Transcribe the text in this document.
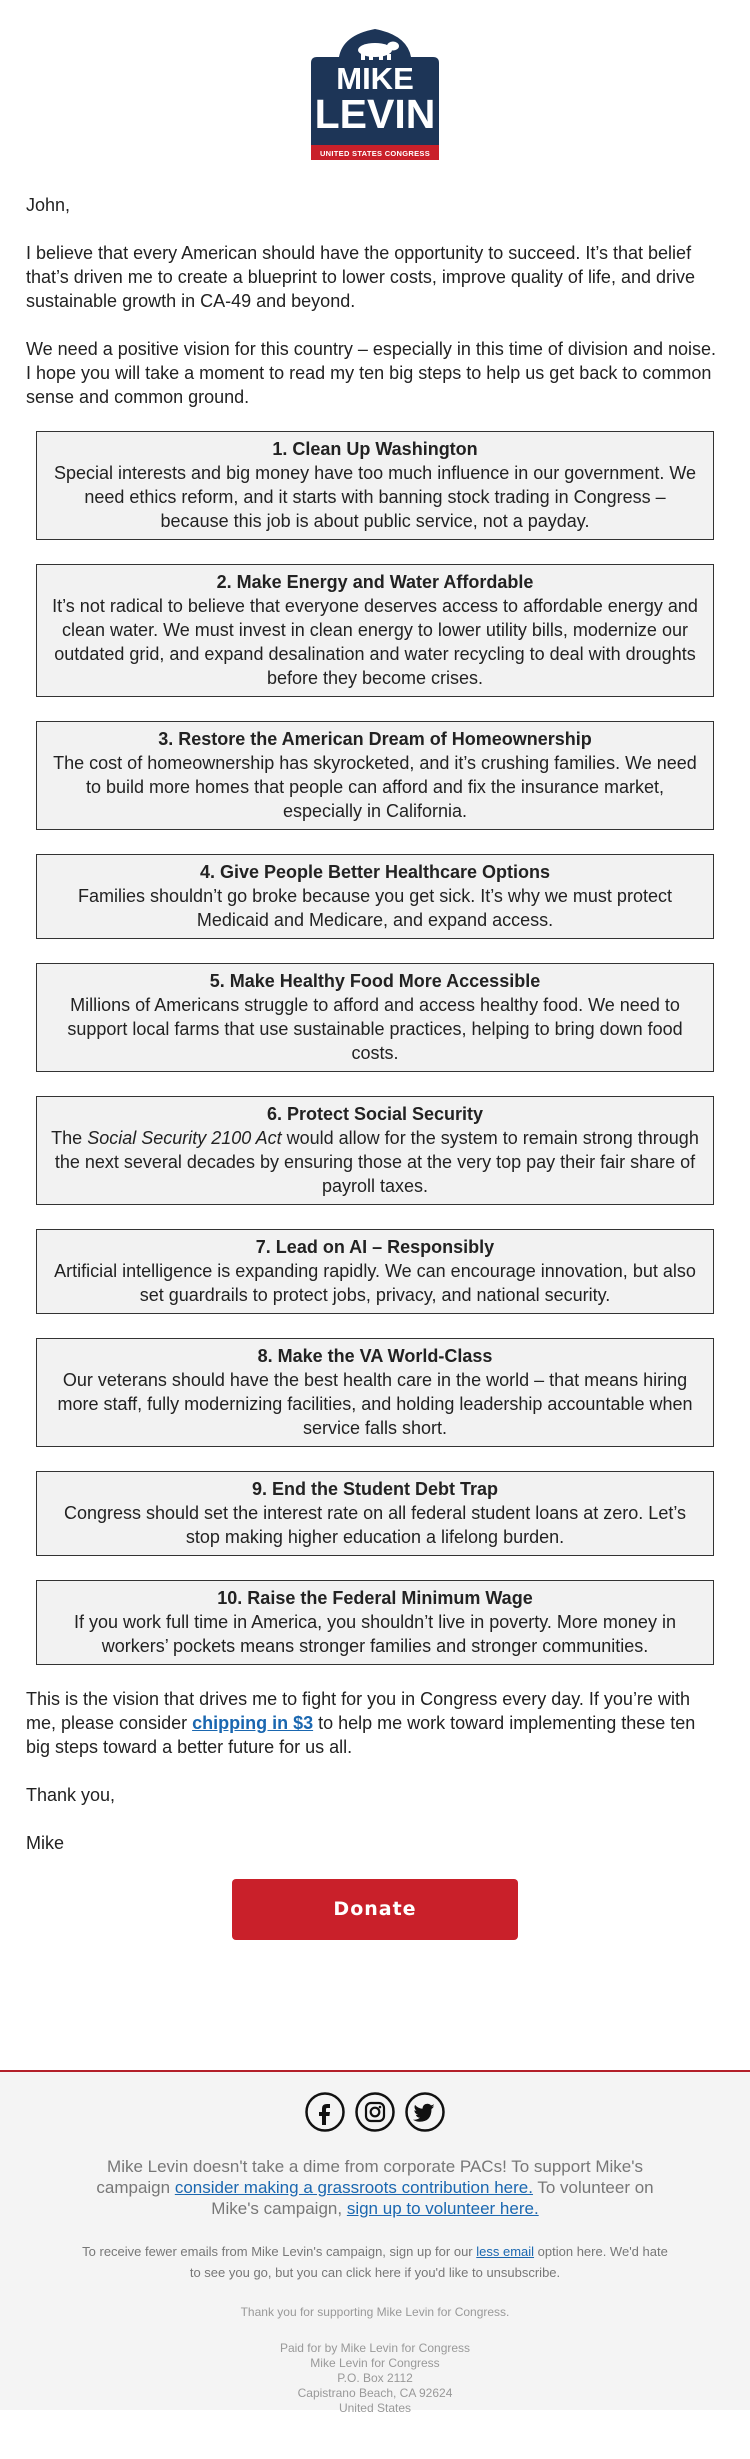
MIKE
LEVIN
UNITED STATES CONGRESS

John,

I believe that every American should have the opportunity to succeed. It’s that belief that’s driven me to create a blueprint to lower costs, improve quality of life, and drive sustainable growth in CA-49 and beyond.

We need a positive vision for this country – especially in this time of division and noise. I hope you will take a moment to read my ten big steps to help us get back to common sense and common ground.

1. Clean Up Washington
Special interests and big money have too much influence in our government. We need ethics reform, and it starts with banning stock trading in Congress – because this job is about public service, not a payday.
2. Make Energy and Water Affordable
It’s not radical to believe that everyone deserves access to affordable energy and clean water. We must invest in clean energy to lower utility bills, modernize our outdated grid, and expand desalination and water recycling to deal with droughts before they become crises.
3. Restore the American Dream of Homeownership
The cost of homeownership has skyrocketed, and it’s crushing families. We need to build more homes that people can afford and fix the insurance market, especially in California.
4. Give People Better Healthcare Options
Families shouldn’t go broke because you get sick. It’s why we must protect Medicaid and Medicare, and expand access.
5. Make Healthy Food More Accessible
Millions of Americans struggle to afford and access healthy food. We need to support local farms that use sustainable practices, helping to bring down food costs.
6. Protect Social Security
The Social Security 2100 Act would allow for the system to remain strong through the next several decades by ensuring those at the very top pay their fair share of payroll taxes.
7. Lead on AI – Responsibly
Artificial intelligence is expanding rapidly. We can encourage innovation, but also set guardrails to protect jobs, privacy, and national security.
8. Make the VA World-Class
Our veterans should have the best health care in the world – that means hiring more staff, fully modernizing facilities, and holding leadership accountable when service falls short.
9. End the Student Debt Trap
Congress should set the interest rate on all federal student loans at zero. Let’s stop making higher education a lifelong burden.
10. Raise the Federal Minimum Wage
If you work full time in America, you shouldn’t live in poverty. More money in workers’ pockets means stronger families and stronger communities.

This is the vision that drives me to fight for you in Congress every day. If you’re with me, please consider chipping in $3 to help me work toward implementing these ten big steps toward a better future for us all.

Thank you,

Mike

Donate

Mike Levin doesn't take a dime from corporate PACs! To support Mike's campaign consider making a grassroots contribution here. To volunteer on Mike's campaign, sign up to volunteer here.

To receive fewer emails from Mike Levin's campaign, sign up for our less email option here. We'd hate to see you go, but you can click here if you'd like to unsubscribe.

Thank you for supporting Mike Levin for Congress.

Paid for by Mike Levin for Congress
Mike Levin for Congress
P.O. Box 2112
Capistrano Beach, CA 92624
United States
